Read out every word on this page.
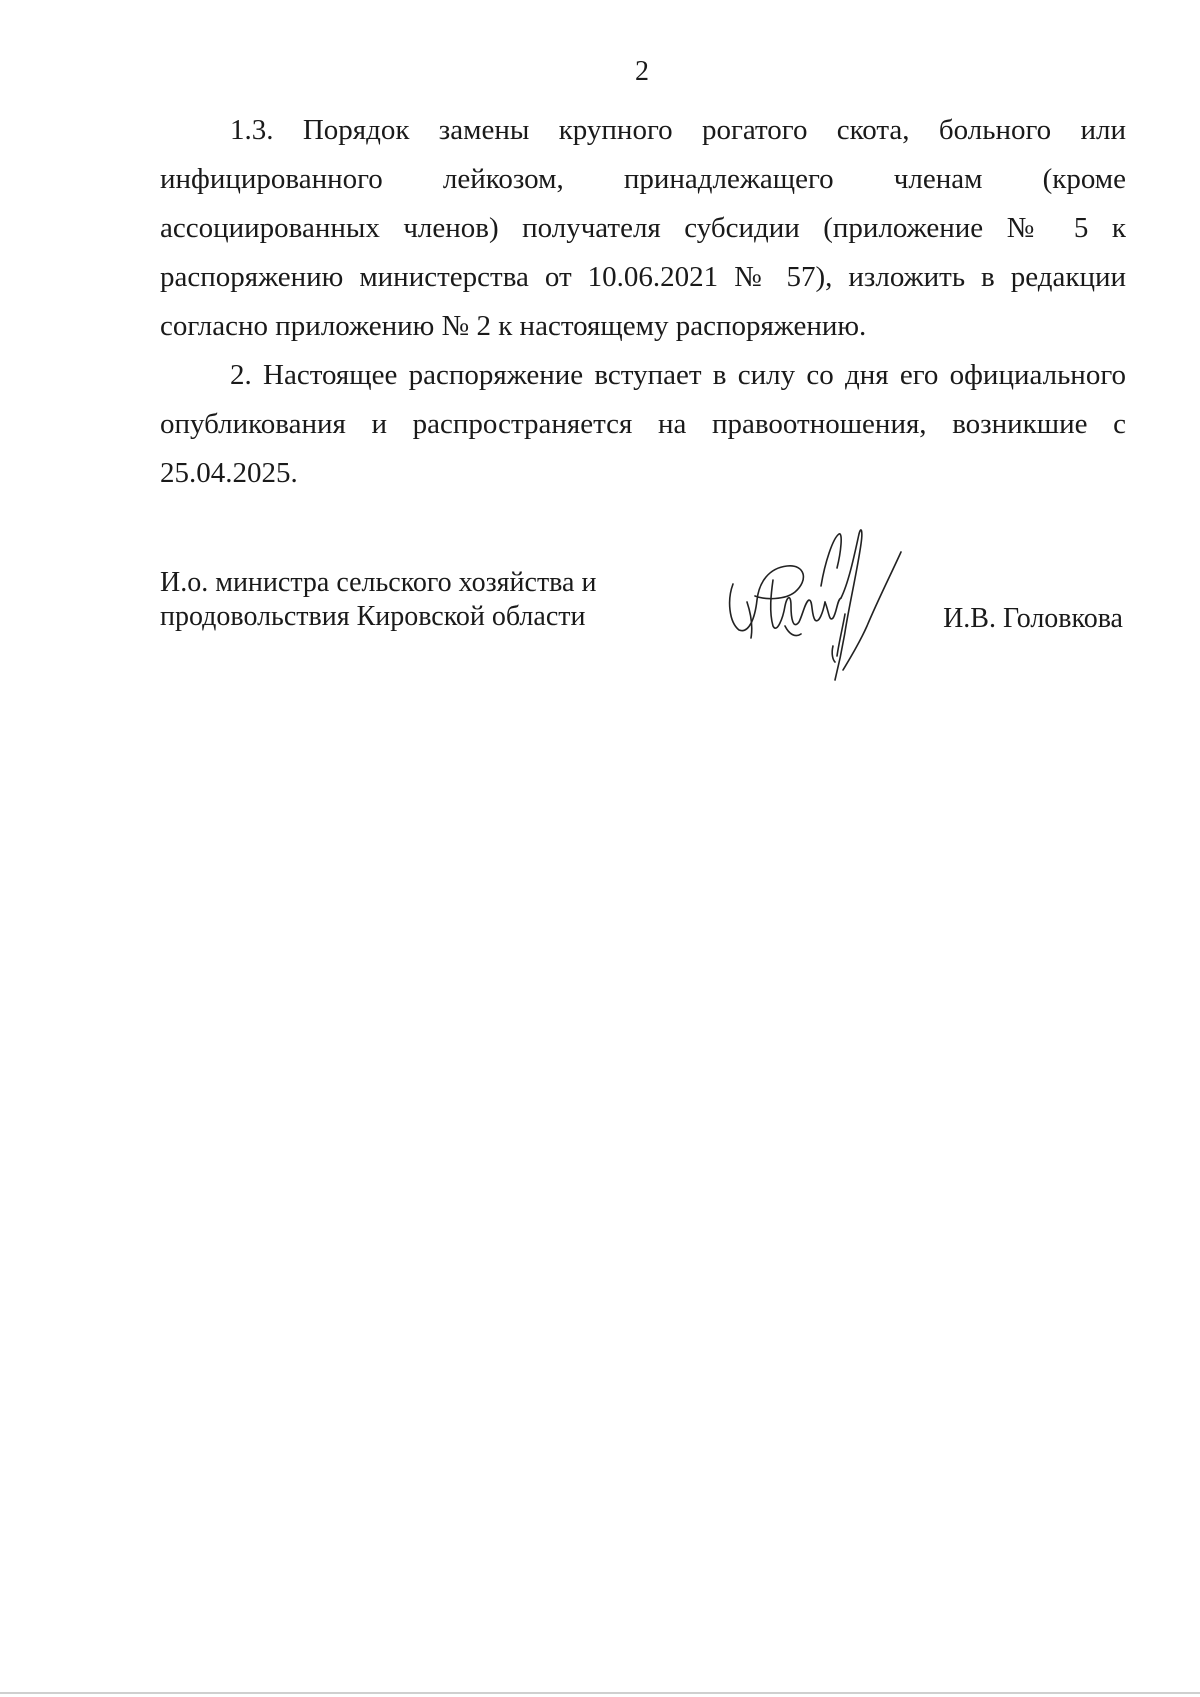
2

1.3. Порядок замены крупного рогатого скота, больного или инфицированного лейкозом, принадлежащего членам (кроме ассоциированных членов) получателя субсидии (приложение № 5 к распоряжению министерства от 10.06.2021 № 57), изложить в редакции согласно приложению № 2 к настоящему распоряжению.

2. Настоящее распоряжение вступает в силу со дня его официального опубликования и распространяется на правоотношения, возникшие с 25.04.2025.

И.о. министра сельского хозяйства и
продовольствия Кировской области	И.В. Головкова
